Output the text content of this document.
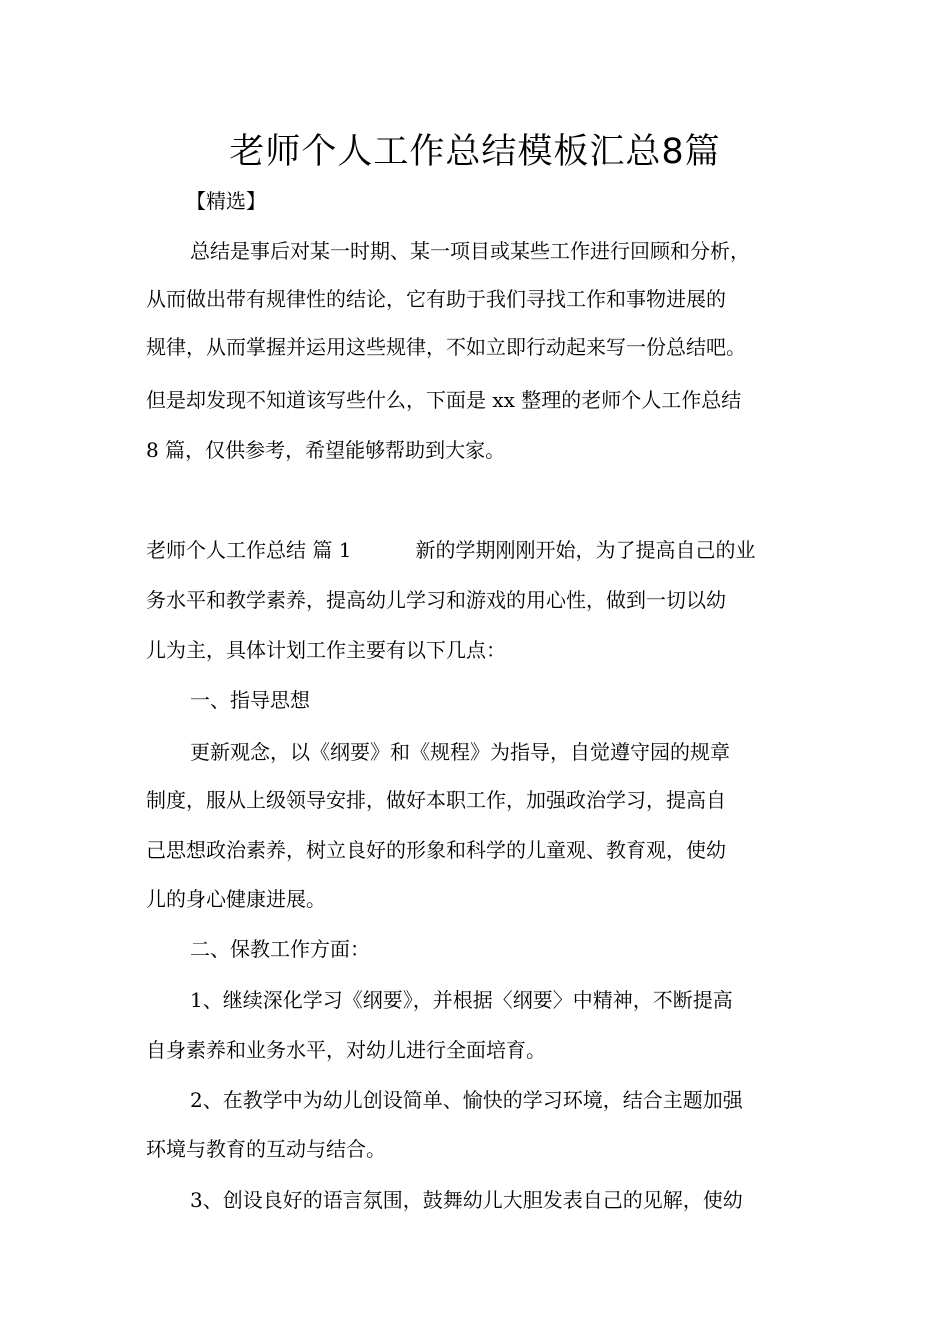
老师个人工作总结模板汇总8篇
【精选】
总结是事后对某一时期、某一项目或某些工作进行回顾和分析，
从而做出带有规律性的结论，它有助于我们寻找工作和事物进展的
规律，从而掌握并运用这些规律，不如立即行动起来写一份总结吧。
但是却发现不知道该写些什么，下面是 xx 整理的老师个人工作总结
8 篇，仅供参考，希望能够帮助到大家。
老师个人工作总结 篇 1	新的学期刚刚开始，为了提高自己的业
务水平和教学素养，提高幼儿学习和游戏的用心性，做到一切以幼
儿为主，具体计划工作主要有以下几点：
一、指导思想
更新观念，以《纲要》和《规程》为指导，自觉遵守园的规章
制度，服从上级领导安排，做好本职工作，加强政治学习，提高自
己思想政治素养，树立良好的形象和科学的儿童观、教育观，使幼
儿的身心健康进展。
二、保教工作方面：
1、继续深化学习《纲要》，并根据〈纲要〉中精神，不断提高
自身素养和业务水平，对幼儿进行全面培育。
2、在教学中为幼儿创设简单、愉快的学习环境，结合主题加强
环境与教育的互动与结合。
3、创设良好的语言氛围，鼓舞幼儿大胆发表自己的见解，使幼
